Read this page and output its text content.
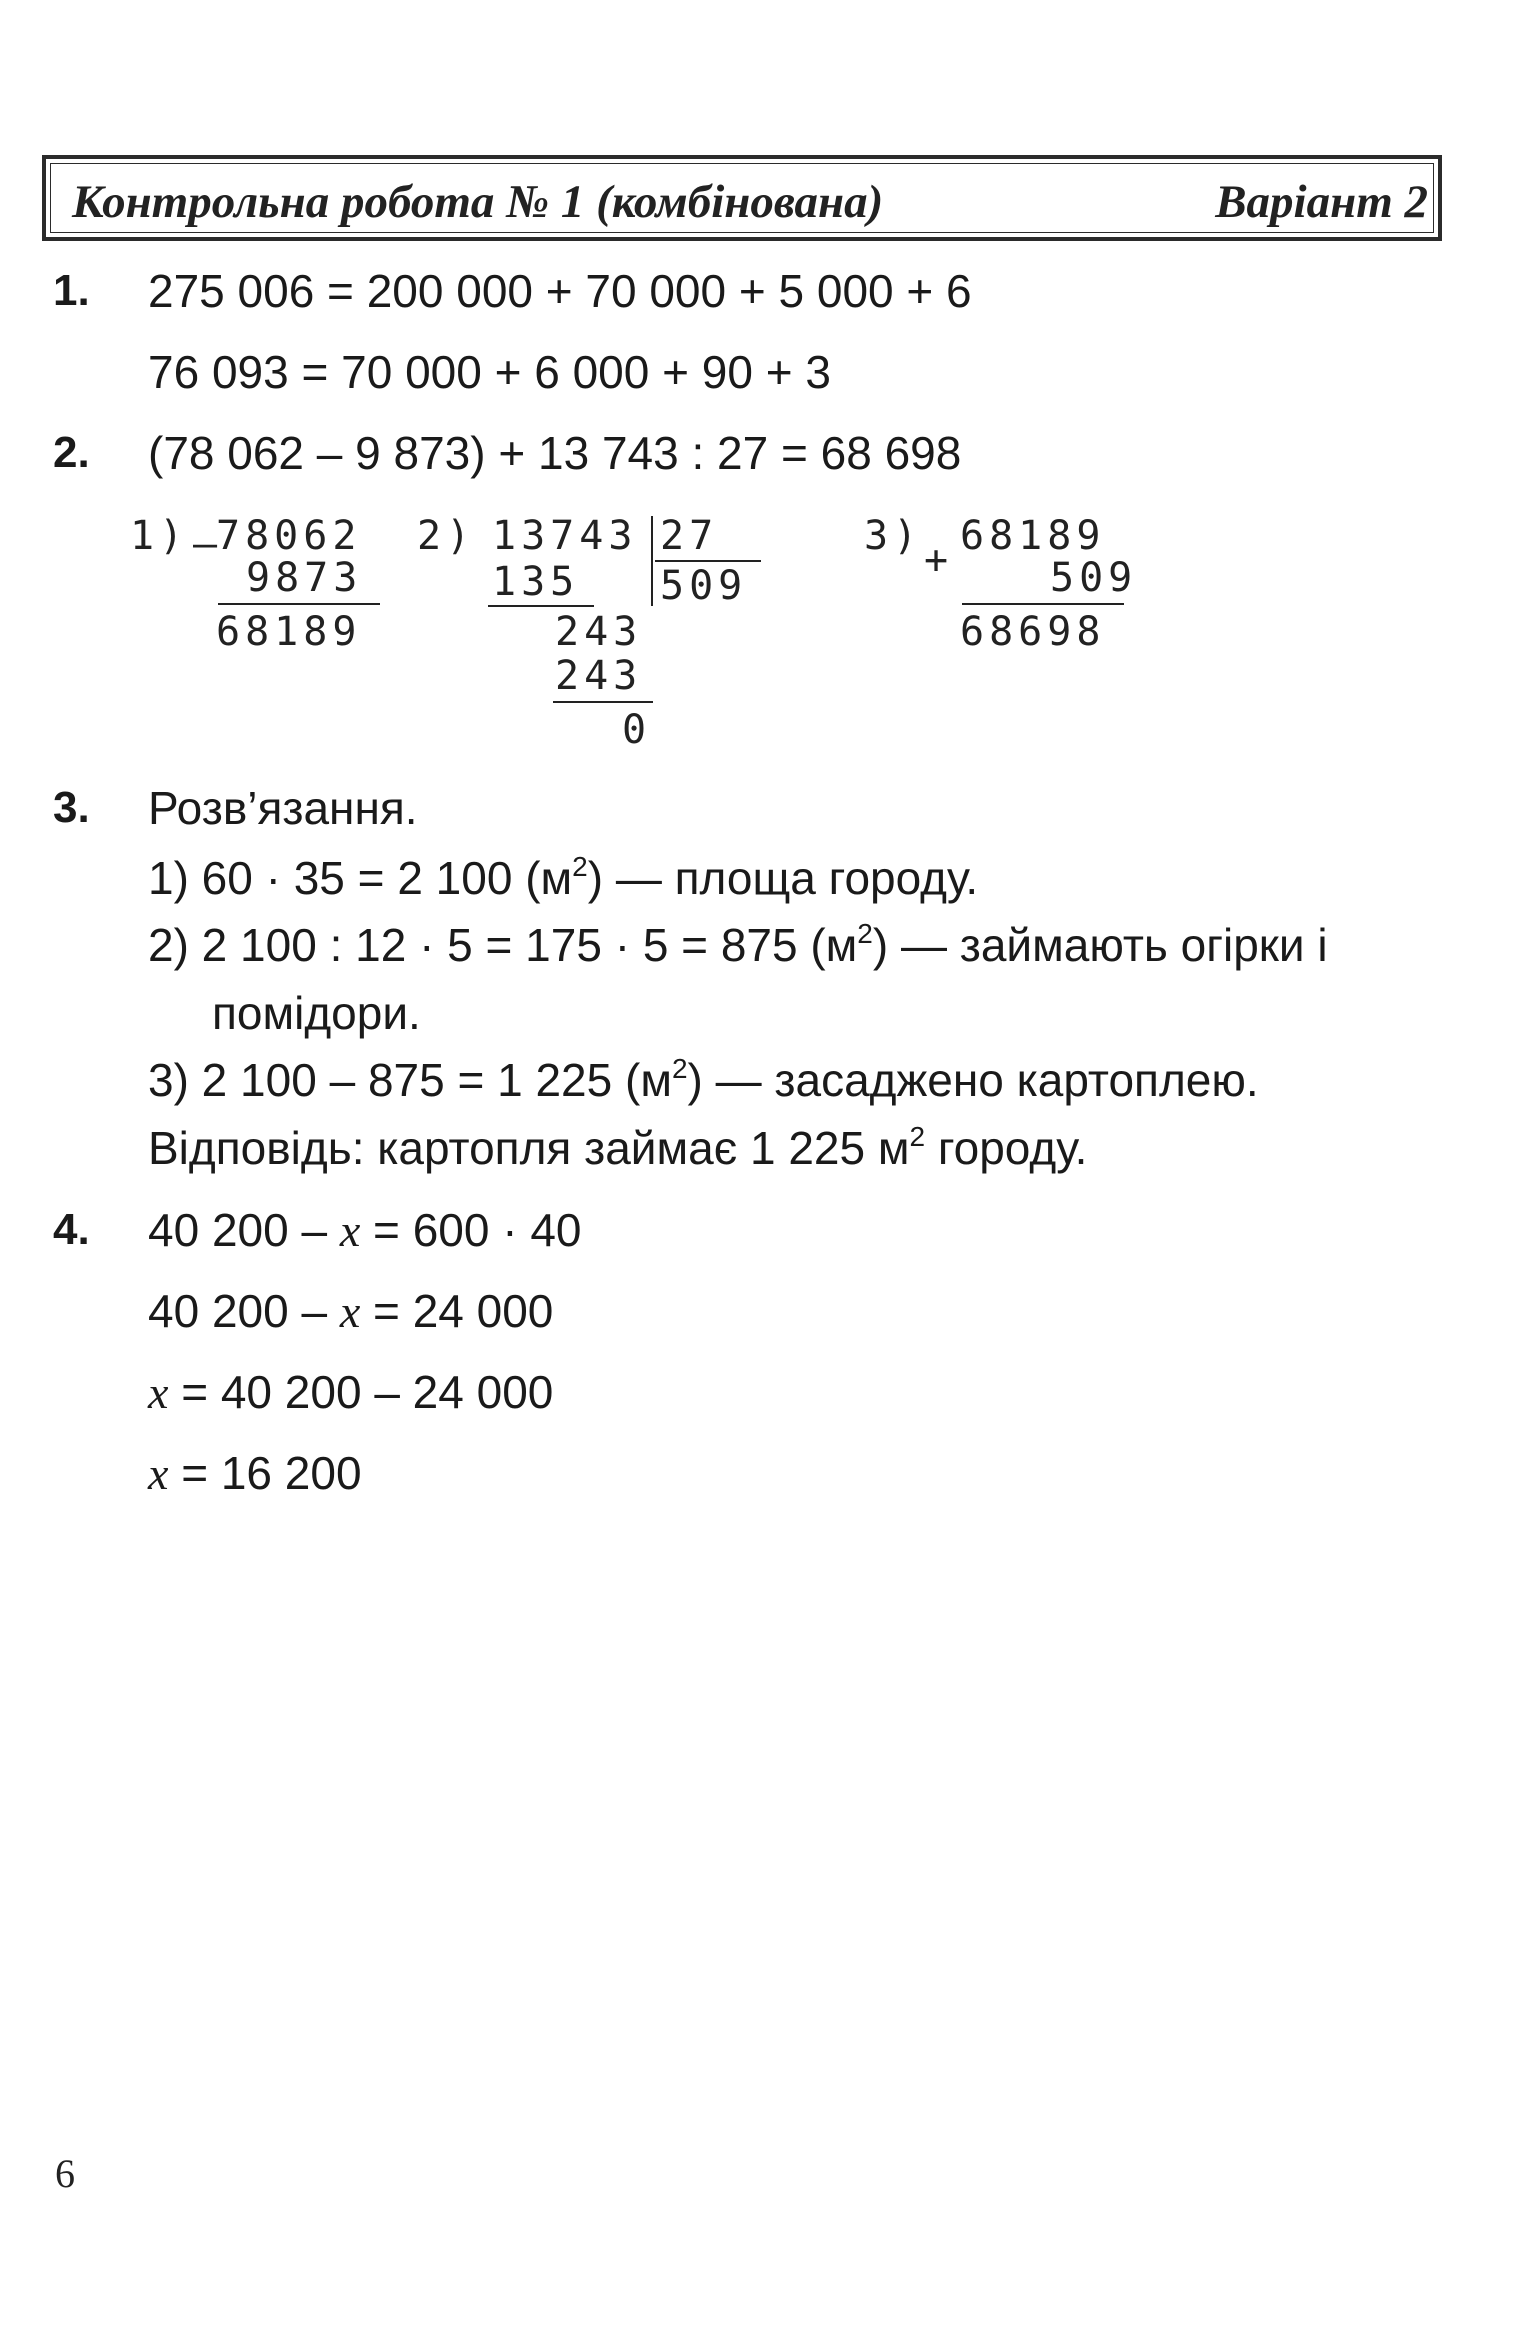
Контрольна робота № 1 (комбінована)	Варіант 2
1. 275 006 = 200 000 + 70 000 + 5 000 + 6
76 093 = 70 000 + 6 000 + 90 + 3
2. (78 062 – 9 873) + 13 743 : 27 = 68 698
1) –
78062
9873
68189
2) 13743 27
509
135
243
243
0
3)
+
68189
509
68698
3. Розв’язання.
1) 60 · 35 = 2 100 $(м^2)$ — площа городу.
2) 2 100 : 12 · 5 = 175 · 5 = 875 $(м^2)$ — займають огірки і
помідори.
3) 2 100 – 875 = 1 225 $(м^2)$ — засаджено картоплею.
Відповідь: картопля займає 1 225 $м^2$ городу.
4. 40 200 – x = 600 · 40
40 200 – x = 24 000
x = 40 200 – 24 000
x = 16 200
6
